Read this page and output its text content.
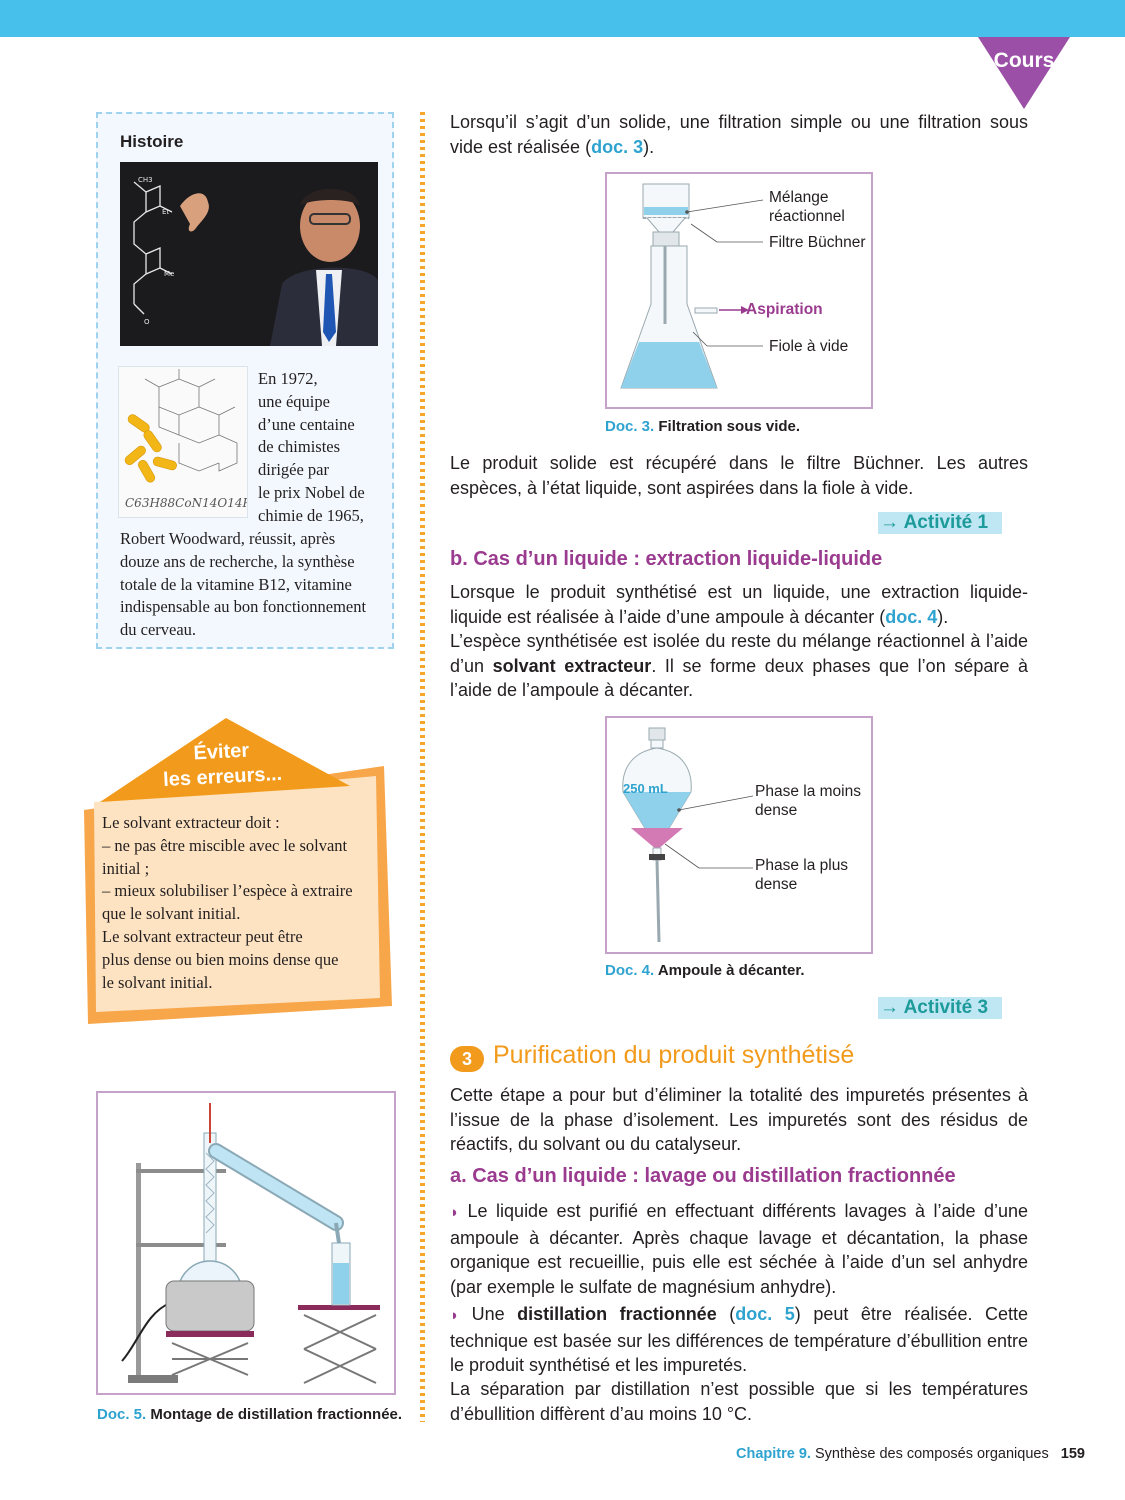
Cours
Histoire
CH3
Et
Me
O
C63H88CoN14O14P
En 1972,
une équipe
d’une centaine
de chimistes
dirigée par
le prix Nobel de
chimie de 1965,
Robert Woodward, réussit, après
douze ans de recherche, la synthèse
totale de la vitamine B12, vitamine
indispensable au bon fonctionnement
du cerveau.
Éviter
les erreurs...
Le solvant extracteur doit :
– ne pas être miscible avec le solvant
initial ;
– mieux solubiliser l’espèce à extraire
que le solvant initial.
Le solvant extracteur peut être
plus dense ou bien moins dense que
le solvant initial.
Doc. 5. Montage de distillation fractionnée.
Lorsqu’il s’agit d’un solide, une filtration simple ou une filtration sous vide est réalisée (doc. 3).
Mélange
réactionnel
Filtre Büchner
Aspiration
Fiole à vide
Doc. 3. Filtration sous vide.
Le produit solide est récupéré dans le filtre Büchner. Les autres espèces, à l’état liquide, sont aspirées dans la fiole à vide.
→ Activité 1
b. Cas d’un liquide : extraction liquide-liquide
Lorsque le produit synthétisé est un liquide, une extraction liquide-liquide est réalisée à l’aide d’une ampoule à décanter (doc. 4).
L’espèce synthétisée est isolée du reste du mélange réactionnel à l’aide d’un solvant extracteur. Il se forme deux phases que l’on sépare à l’aide de l’ampoule à décanter.
250 mL	Phase la moins
dense
Phase la plus
dense
Doc. 4. Ampoule à décanter.
→ Activité 3
3 Purification du produit synthétisé
Cette étape a pour but d’éliminer la totalité des impuretés présentes à l’issue de la phase d’isolement. Les impuretés sont des résidus de réactifs, du solvant ou du catalyseur.
a. Cas d’un liquide : lavage ou distillation fractionnée
◗ Le liquide est purifié en effectuant différents lavages à l’aide d’une ampoule à décanter. Après chaque lavage et décantation, la phase organique est recueillie, puis elle est séchée à l’aide d’un sel anhydre (par exemple le sulfate de magnésium anhydre).
◗ Une distillation fractionnée (doc. 5) peut être réalisée. Cette technique est basée sur les différences de température d’ébullition entre le produit synthétisé et les impuretés.
La séparation par distillation n’est possible que si les températures d’ébullition diffèrent d’au moins 10 °C.
Chapitre 9. Synthèse des composés organiques 159
